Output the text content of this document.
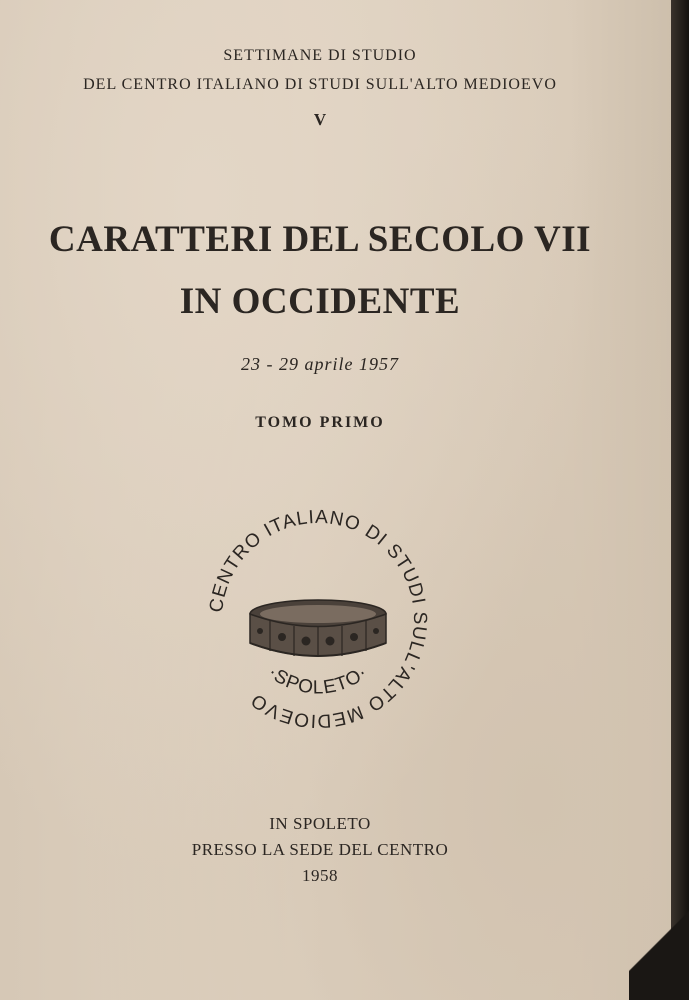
SETTIMANE DI STUDIO
DEL CENTRO ITALIANO DI STUDI SULL'ALTO MEDIOEVO
V
CARATTERI DEL SECOLO VII
IN OCCIDENTE
23 - 29 aprile 1957
TOMO PRIMO
CENTRO ITALIANO DI STUDI SULL'ALTO MEDIOEVO
·SPOLETO·
IN SPOLETO
PRESSO LA SEDE DEL CENTRO
1958
